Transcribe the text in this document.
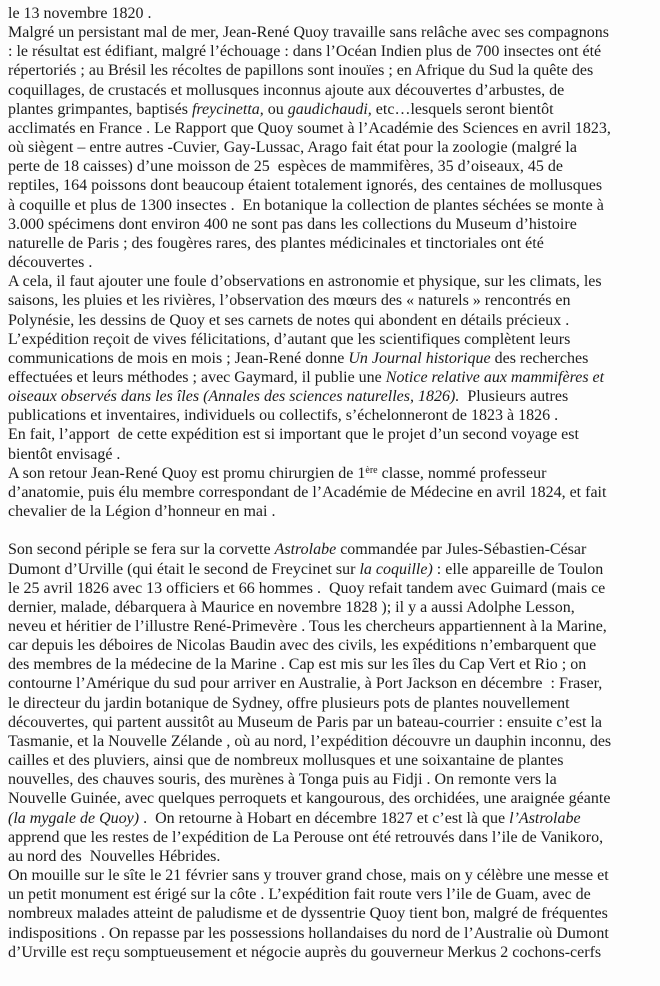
le 13 novembre 1820 .
Malgré un persistant mal de mer, Jean-René Quoy travaille sans relâche avec ses compagnons
: le résultat est édifiant, malgré l’échouage : dans l’Océan Indien plus de 700 insectes ont été
répertoriés ; au Brésil les récoltes de papillons sont inouïes ; en Afrique du Sud la quête des
coquillages, de crustacés et mollusques inconnus ajoute aux découvertes d’arbustes, de
plantes grimpantes, baptisés freycinetta, ou gaudichaudi, etc…lesquels seront bientôt
acclimatés en France . Le Rapport que Quoy soumet à l’Académie des Sciences en avril 1823,
où siègent – entre autres -Cuvier, Gay-Lussac, Arago fait état pour la zoologie (malgré la
perte de 18 caisses) d’une moisson de 25  espèces de mammifères, 35 d’oiseaux, 45 de
reptiles, 164 poissons dont beaucoup étaient totalement ignorés, des centaines de mollusques
à coquille et plus de 1300 insectes .  En botanique la collection de plantes séchées se monte à
3.000 spécimens dont environ 400 ne sont pas dans les collections du Museum d’histoire
naturelle de Paris ; des fougères rares, des plantes médicinales et tinctoriales ont été
découvertes .
A cela, il faut ajouter une foule d’observations en astronomie et physique, sur les climats, les
saisons, les pluies et les rivières, l’observation des mœurs des « naturels » rencontrés en
Polynésie, les dessins de Quoy et ses carnets de notes qui abondent en détails précieux .
L’expédition reçoit de vives félicitations, d’autant que les scientifiques complètent leurs
communications de mois en mois ; Jean-René donne Un Journal historique des recherches
effectuées et leurs méthodes ; avec Gaymard, il publie une Notice relative aux mammifères et
oiseaux observés dans les îles (Annales des sciences naturelles, 1826).  Plusieurs autres
publications et inventaires, individuels ou collectifs, s’échelonneront de 1823 à 1826 .
En fait, l’apport  de cette expédition est si important que le projet d’un second voyage est
bientôt envisagé .
A son retour Jean-René Quoy est promu chirurgien de 1ère classe, nommé professeur
d’anatomie, puis élu membre correspondant de l’Académie de Médecine en avril 1824, et fait
chevalier de la Légion d’honneur en mai .

Son second périple se fera sur la corvette Astrolabe commandée par Jules-Sébastien-César
Dumont d’Urville (qui était le second de Freycinet sur la coquille) : elle appareille de Toulon
le 25 avril 1826 avec 13 officiers et 66 hommes .  Quoy refait tandem avec Guimard (mais ce
dernier, malade, débarquera à Maurice en novembre 1828 ); il y a aussi Adolphe Lesson,
neveu et héritier de l’illustre René-Primevère . Tous les chercheurs appartiennent à la Marine,
car depuis les déboires de Nicolas Baudin avec des civils, les expéditions n’embarquent que
des membres de la médecine de la Marine . Cap est mis sur les îles du Cap Vert et Rio ; on
contourne l’Amérique du sud pour arriver en Australie, à Port Jackson en décembre  : Fraser,
le directeur du jardin botanique de Sydney, offre plusieurs pots de plantes nouvellement
découvertes, qui partent aussitôt au Museum de Paris par un bateau-courrier : ensuite c’est la
Tasmanie, et la Nouvelle Zélande , où au nord, l’expédition découvre un dauphin inconnu, des
cailles et des pluviers, ainsi que de nombreux mollusques et une soixantaine de plantes
nouvelles, des chauves souris, des murènes à Tonga puis au Fidji . On remonte vers la
Nouvelle Guinée, avec quelques perroquets et kangourous, des orchidées, une araignée géante
(la mygale de Quoy) .  On retourne à Hobart en décembre 1827 et c’est là que l’Astrolabe
apprend que les restes de l’expédition de La Perouse ont été retrouvés dans l’ile de Vanikoro,
au nord des  Nouvelles Hébrides.
On mouille sur le sîte le 21 février sans y trouver grand chose, mais on y célèbre une messe et
un petit monument est érigé sur la côte . L’expédition fait route vers l’ile de Guam, avec de
nombreux malades atteint de paludisme et de dyssentrie Quoy tient bon, malgré de fréquentes
indispositions . On repasse par les possessions hollandaises du nord de l’Australie où Dumont
d’Urville est reçu somptueusement et négocie auprès du gouverneur Merkus 2 cochons-cerfs
